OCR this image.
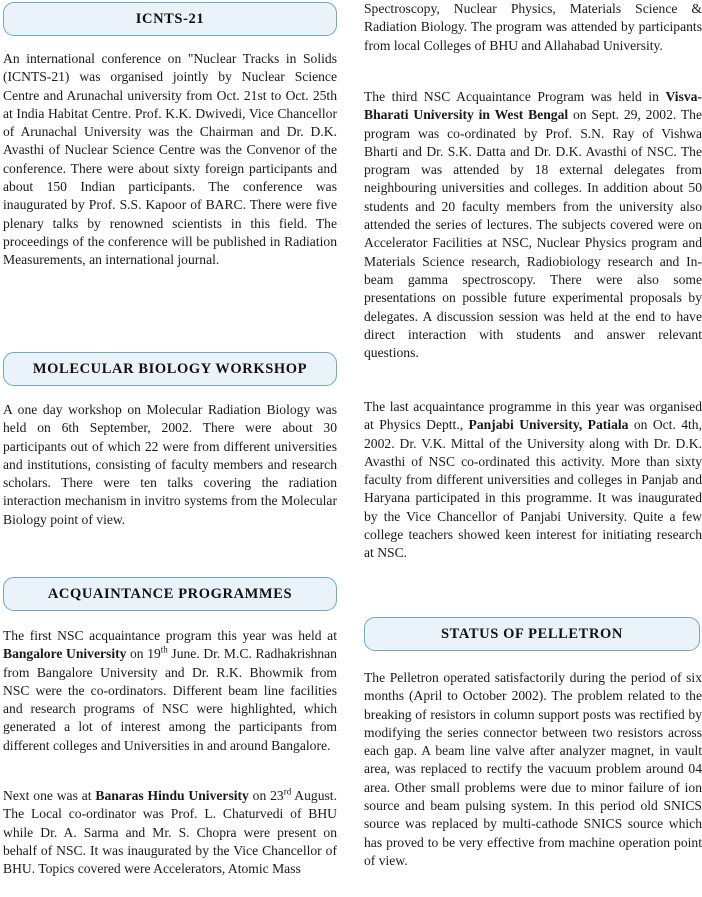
ICNTS-21

An international conference on "Nuclear Tracks in Solids (ICNTS-21) was organised jointly by Nuclear Science Centre and Arunachal university from Oct. 21st to Oct. 25th at India Habitat Centre. Prof. K.K. Dwivedi, Vice Chancellor of Arunachal University was the Chairman and Dr. D.K. Avasthi of Nuclear Science Centre was the Convenor of the conference. There were about sixty foreign participants and about 150 Indian participants. The conference was inaugurated by Prof. S.S. Kapoor of BARC. There were five plenary talks by renowned scientists in this field. The proceedings of the conference will be published in Radiation Measurements, an international journal.

MOLECULAR BIOLOGY WORKSHOP

A one day workshop on Molecular Radiation Biology was held on 6th September, 2002. There were about 30 participants out of which 22 were from different universities and institutions, consisting of faculty members and research scholars. There were ten talks covering the radiation interaction mechanism in invitro systems from the Molecular Biology point of view.

ACQUAINTANCE PROGRAMMES

The first NSC acquaintance program this year was held at Bangalore University on 19th June. Dr. M.C. Radhakrishnan from Bangalore University and Dr. R.K. Bhowmik from NSC were the co-ordinators. Different beam line facilities and research programs of NSC were highlighted, which generated a lot of interest among the participants from different colleges and Universities in and around Bangalore.

Next one was at Banaras Hindu University on 23rd August. The Local co-ordinator was Prof. L. Chaturvedi of BHU while Dr. A. Sarma and Mr. S. Chopra were present on behalf of NSC. It was inaugurated by the Vice Chancellor of BHU. Topics covered were Accelerators, Atomic Mass

Spectroscopy, Nuclear Physics, Materials Science & Radiation Biology. The program was attended by participants from local Colleges of BHU and Allahabad University.

The third NSC Acquaintance Program was held in Visva-Bharati University in West Bengal on Sept. 29, 2002. The program was co-ordinated by Prof. S.N. Ray of Vishwa Bharti and Dr. S.K. Datta and Dr. D.K. Avasthi of NSC. The program was attended by 18 external delegates from neighbouring universities and colleges. In addition about 50 students and 20 faculty members from the university also attended the series of lectures. The subjects covered were on Accelerator Facilities at NSC, Nuclear Physics program and Materials Science research, Radiobiology research and In-beam gamma spectroscopy. There were also some presentations on possible future experimental proposals by delegates. A discussion session was held at the end to have direct interaction with students and answer relevant questions.

The last acquaintance programme in this year was organised at Physics Deptt., Panjabi University, Patiala on Oct. 4th, 2002. Dr. V.K. Mittal of the University along with Dr. D.K. Avasthi of NSC co-ordinated this activity. More than sixty faculty from different universities and colleges in Panjab and Haryana participated in this programme. It was inaugurated by the Vice Chancellor of Panjabi University. Quite a few college teachers showed keen interest for initiating research at NSC.

STATUS OF PELLETRON

The Pelletron operated satisfactorily during the period of six months (April to October 2002). The problem related to the breaking of resistors in column support posts was rectified by modifying the series connector between two resistors across each gap. A beam line valve after analyzer magnet, in vault area, was replaced to rectify the vacuum problem around 04 area. Other small problems were due to minor failure of ion source and beam pulsing system. In this period old SNICS source was replaced by multi-cathode SNICS source which has proved to be very effective from machine operation point of view.
